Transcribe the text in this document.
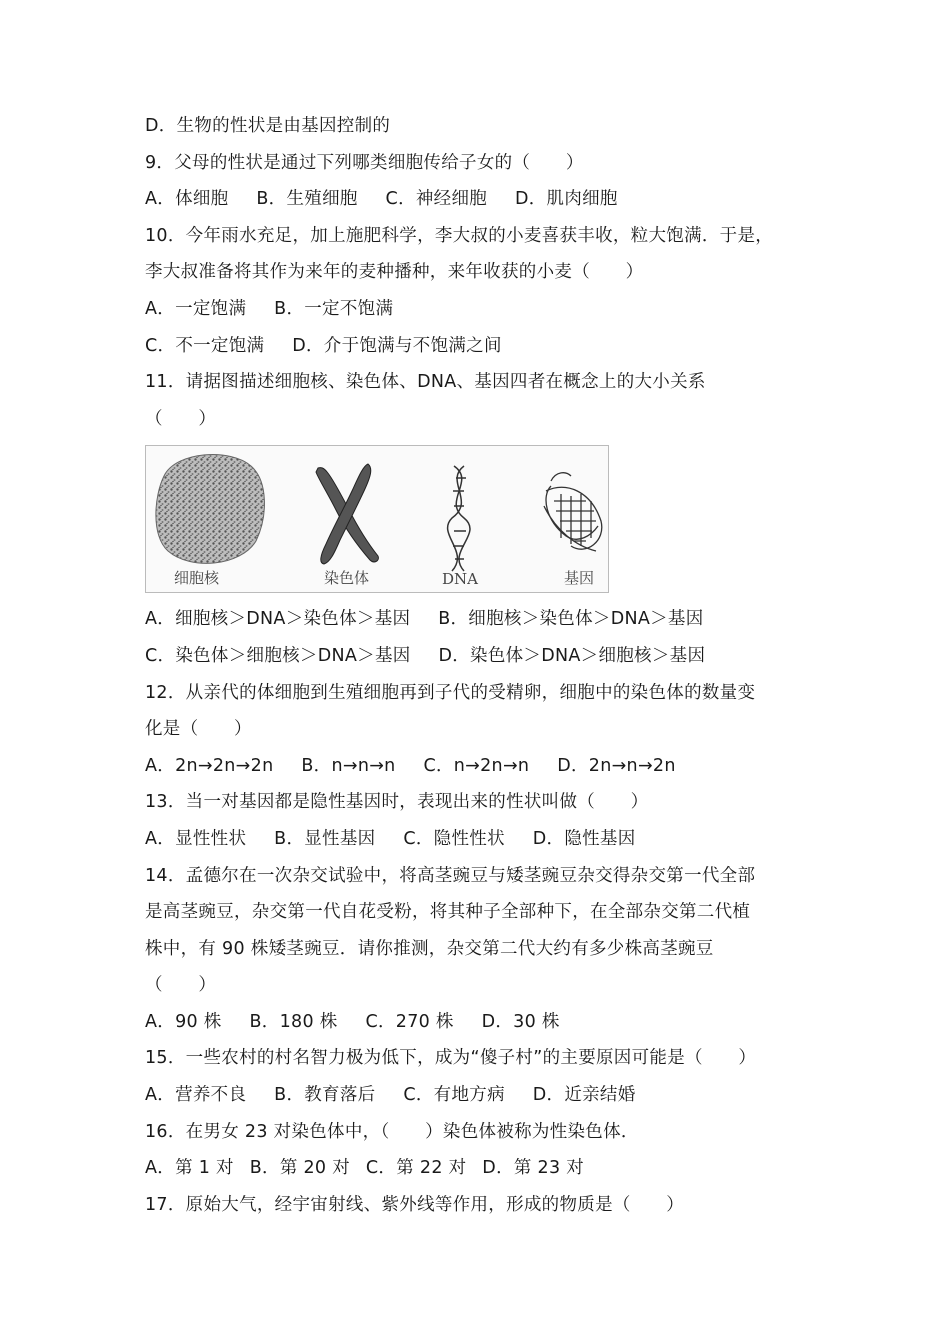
D．生物的性状是由基因控制的
9．父母的性状是通过下列哪类细胞传给子女的（　　）
A．体细胞 B．生殖细胞 C．神经细胞 D．肌肉细胞
10．今年雨水充足，加上施肥科学，李大叔的小麦喜获丰收，粒大饱满．于是，
李大叔准备将其作为来年的麦种播种，来年收获的小麦（　　）
A．一定饱满 B．一定不饱满
C．不一定饱满 D．介于饱满与不饱满之间
11．请据图描述细胞核、染色体、DNA、基因四者在概念上的大小关系
（　　）
细胞核	染色体	DNA	基因
A．细胞核＞DNA＞染色体＞基因 B．细胞核＞染色体＞DNA＞基因
C．染色体＞细胞核＞DNA＞基因 D．染色体＞DNA＞细胞核＞基因
12．从亲代的体细胞到生殖细胞再到子代的受精卵，细胞中的染色体的数量变
化是（　　）
A．2n→2n→2n B．n→n→n C．n→2n→n D．2n→n→2n
13．当一对基因都是隐性基因时，表现出来的性状叫做（　　）
A．显性性状 B．显性基因 C．隐性性状 D．隐性基因
14．孟德尔在一次杂交试验中，将高茎豌豆与矮茎豌豆杂交得杂交第一代全部
是高茎豌豆，杂交第一代自花受粉，将其种子全部种下，在全部杂交第二代植
株中，有 90 株矮茎豌豆．请你推测，杂交第二代大约有多少株高茎豌豆
（　　）
A．90 株 B．180 株 C．270 株 D．30 株
15．一些农村的村名智力极为低下，成为“傻子村”的主要原因可能是（　　）
A．营养不良 B．教育落后 C．有地方病 D．近亲结婚
16．在男女 23 对染色体中，（　　）染色体被称为性染色体．
A．第 1 对 B．第 20 对 C．第 22 对 D．第 23 对
17．原始大气，经宇宙射线、紫外线等作用，形成的物质是（　　）
